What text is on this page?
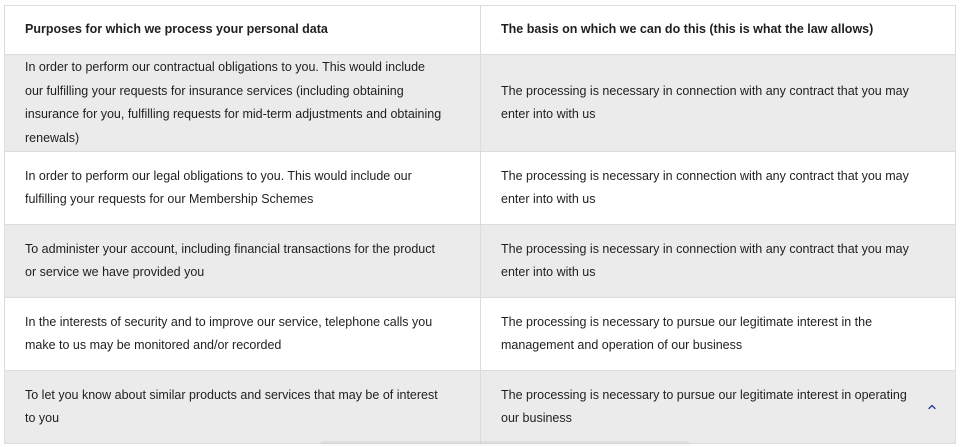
Purposes for which we process your personal data	The basis on which we can do this (this is what the law allows)
In order to perform our contractual obligations to you. This would include our fulfilling your requests for insurance services (including obtaining insurance for you, fulfilling requests for mid-term adjustments and obtaining renewals)
The processing is necessary in connection with any contract that you may enter into with us
In order to perform our legal obligations to you. This would include our fulfilling your requests for our Membership Schemes
The processing is necessary in connection with any contract that you may enter into with us
To administer your account, including financial transactions for the product or service we have provided you
The processing is necessary in connection with any contract that you may enter into with us
In the interests of security and to improve our service, telephone calls you make to us may be monitored and/or recorded
The processing is necessary to pursue our legitimate interest in the management and operation of our business
To let you know about similar products and services that may be of interest to you
The processing is necessary to pursue our legitimate interest in operating our business
